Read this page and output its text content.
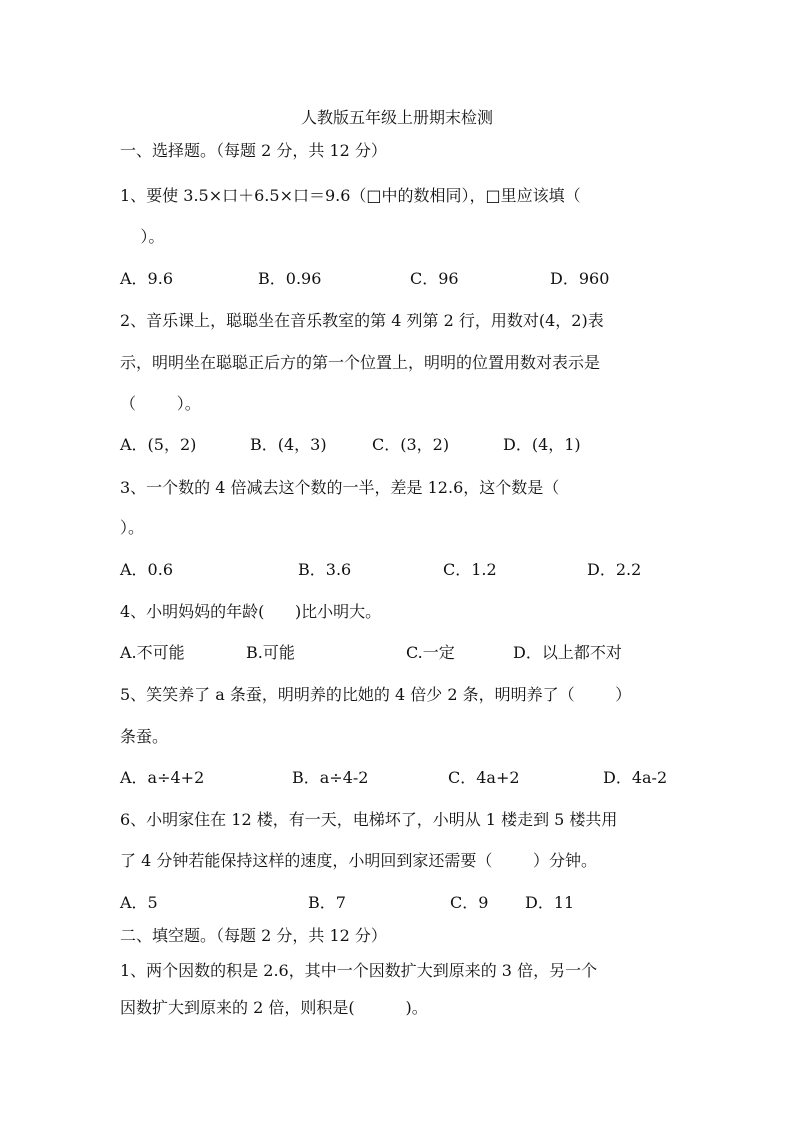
人教版五年级上册期末检测
一、选择题。（每题 2 分，共 12 分）
1、要使 3.5×口＋6.5×口＝9.6（□中的数相同），□里应该填（
）。
A．9.6	B．0.96	C．96	D．960
2、音乐课上，聪聪坐在音乐教室的第 4 列第 2 行，用数对(4，2)表
示，明明坐在聪聪正后方的第一个位置上，明明的位置用数对表示是
（        ）。
A．(5，2)	B．(4，3)	C．(3，2)	D．(4，1)
3、一个数的 4 倍减去这个数的一半，差是 12.6，这个数是（
）。
A．0.6	B．3.6	C．1.2	D．2.2
4、小明妈妈的年龄(      )比小明大。
A.不可能	B.可能	C.一定	D．以上都不对
5、笑笑养了 a 条蚕，明明养的比她的 4 倍少 2 条，明明养了（        ）
条蚕。
A．a÷4+2	B．a÷4-2	C．4a+2	D．4a-2
6、小明家住在 12 楼，有一天，电梯坏了，小明从 1 楼走到 5 楼共用
了 4 分钟若能保持这样的速度，小明回到家还需要（        ）分钟。
A．5	B．7	C．9 D．11
二、填空题。（每题 2 分，共 12 分）
1、两个因数的积是 2.6，其中一个因数扩大到原来的 3 倍，另一个
因数扩大到原来的 2 倍，则积是(          )。
